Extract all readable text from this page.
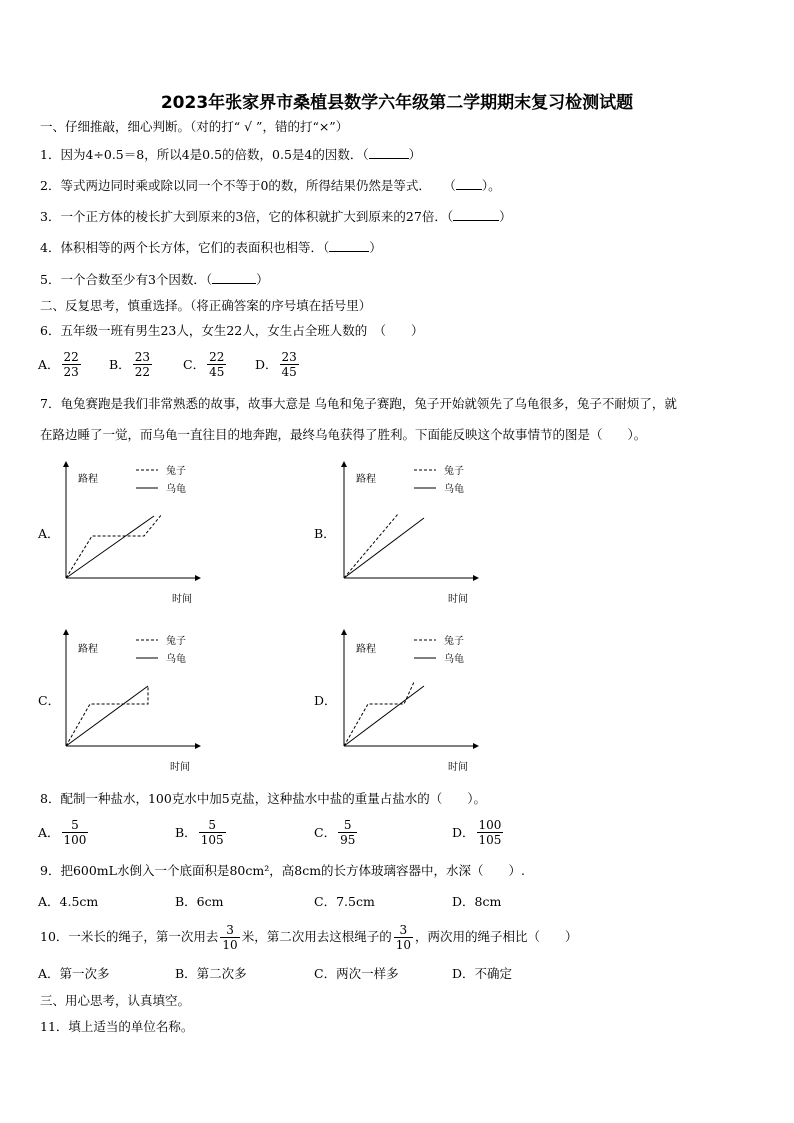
2023年张家界市桑植县数学六年级第二学期期末复习检测试题
一、仔细推敲，细心判断。（对的打“ √ ”，错的打“×”）
1．因为4÷0.5＝8，所以4是0.5的倍数，0.5是4的因数．（	）
2．等式两边同时乘或除以同一个不等于0的数，所得结果仍然是等式．　　（ ）。
3．一个正方体的棱长扩大到原来的3倍，它的体积就扩大到原来的27倍．（	）
4．体积相等的两个长方体，它们的表面积也相等．（	）
5．一个合数至少有3个因数．（	）
二、反复思考，慎重选择。（将正确答案的序号填在括号里）
6．五年级一班有男生23人，女生22人，女生占全班人数的　（　　）
A． $\frac{22}{23}$ B． $\frac{23}{22}$ C． $\frac{22}{45}$ D． $\frac{23}{45}$
7．龟兔赛跑是我们非常熟悉的故事，故事大意是 乌龟和兔子赛跑，兔子开始就领先了乌龟很多，兔子不耐烦了，就
在路边睡了一觉，而乌龟一直往目的地奔跑，最终乌龟获得了胜利。下面能反映这个故事情节的图是（　　）。
A．	B．
C．	D．
路程
时间
兔子
乌龟
路程
时间
兔子
乌龟
路程
时间
兔子
乌龟
路程
时间
兔子
乌龟
8．配制一种盐水，100克水中加5克盐，这种盐水中盐的重量占盐水的（　　）。
A． $\frac{5}{100}$	B． $\frac{5}{105}$	C． $\frac{5}{95}$	D． $\frac{100}{105}$
9．把600mL水倒入一个底面积是80cm²，高8cm的长方体玻璃容器中，水深（　　）.
A．4.5cm	B．6cm	C．7.5cm	D．8cm
10．一米长的绳子，第一次用去 $\frac{3}{10}$ 米，第二次用去这根绳子的 $\frac{3}{10}$ ，两次用的绳子相比（　　）
A．第一次多	B．第二次多	C．两次一样多	D．不确定
三、用心思考，认真填空。
11．填上适当的单位名称。
